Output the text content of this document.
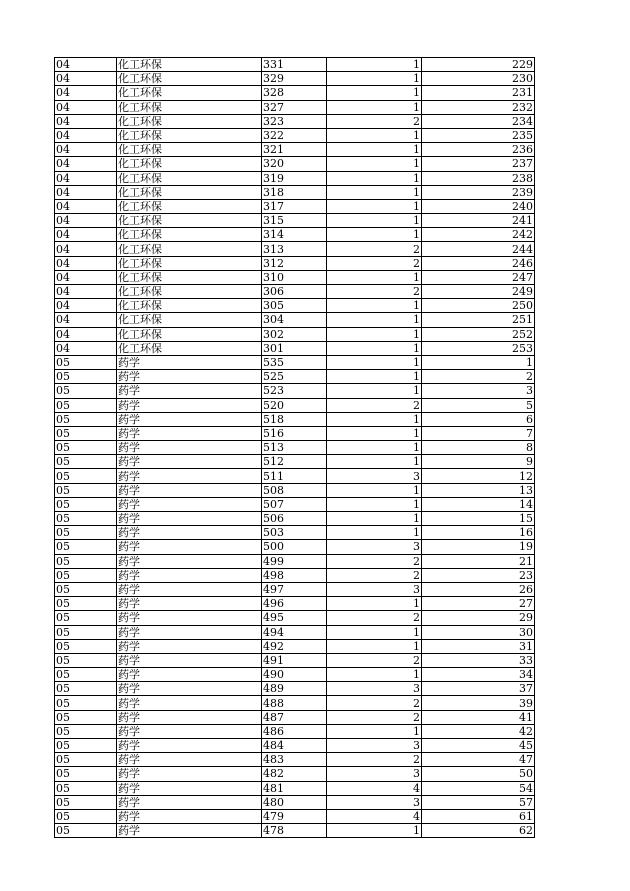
04	化工环保	331	1	229
04	化工环保	329	1	230
04	化工环保	328	1	231
04	化工环保	327	1	232
04	化工环保	323	2	234
04	化工环保	322	1	235
04	化工环保	321	1	236
04	化工环保	320	1	237
04	化工环保	319	1	238
04	化工环保	318	1	239
04	化工环保	317	1	240
04	化工环保	315	1	241
04	化工环保	314	1	242
04	化工环保	313	2	244
04	化工环保	312	2	246
04	化工环保	310	1	247
04	化工环保	306	2	249
04	化工环保	305	1	250
04	化工环保	304	1	251
04	化工环保	302	1	252
04	化工环保	301	1	253
05	药学	535	1	1
05	药学	525	1	2
05	药学	523	1	3
05	药学	520	2	5
05	药学	518	1	6
05	药学	516	1	7
05	药学	513	1	8
05	药学	512	1	9
05	药学	511	3	12
05	药学	508	1	13
05	药学	507	1	14
05	药学	506	1	15
05	药学	503	1	16
05	药学	500	3	19
05	药学	499	2	21
05	药学	498	2	23
05	药学	497	3	26
05	药学	496	1	27
05	药学	495	2	29
05	药学	494	1	30
05	药学	492	1	31
05	药学	491	2	33
05	药学	490	1	34
05	药学	489	3	37
05	药学	488	2	39
05	药学	487	2	41
05	药学	486	1	42
05	药学	484	3	45
05	药学	483	2	47
05	药学	482	3	50
05	药学	481	4	54
05	药学	480	3	57
05	药学	479	4	61
05	药学	478	1	62
